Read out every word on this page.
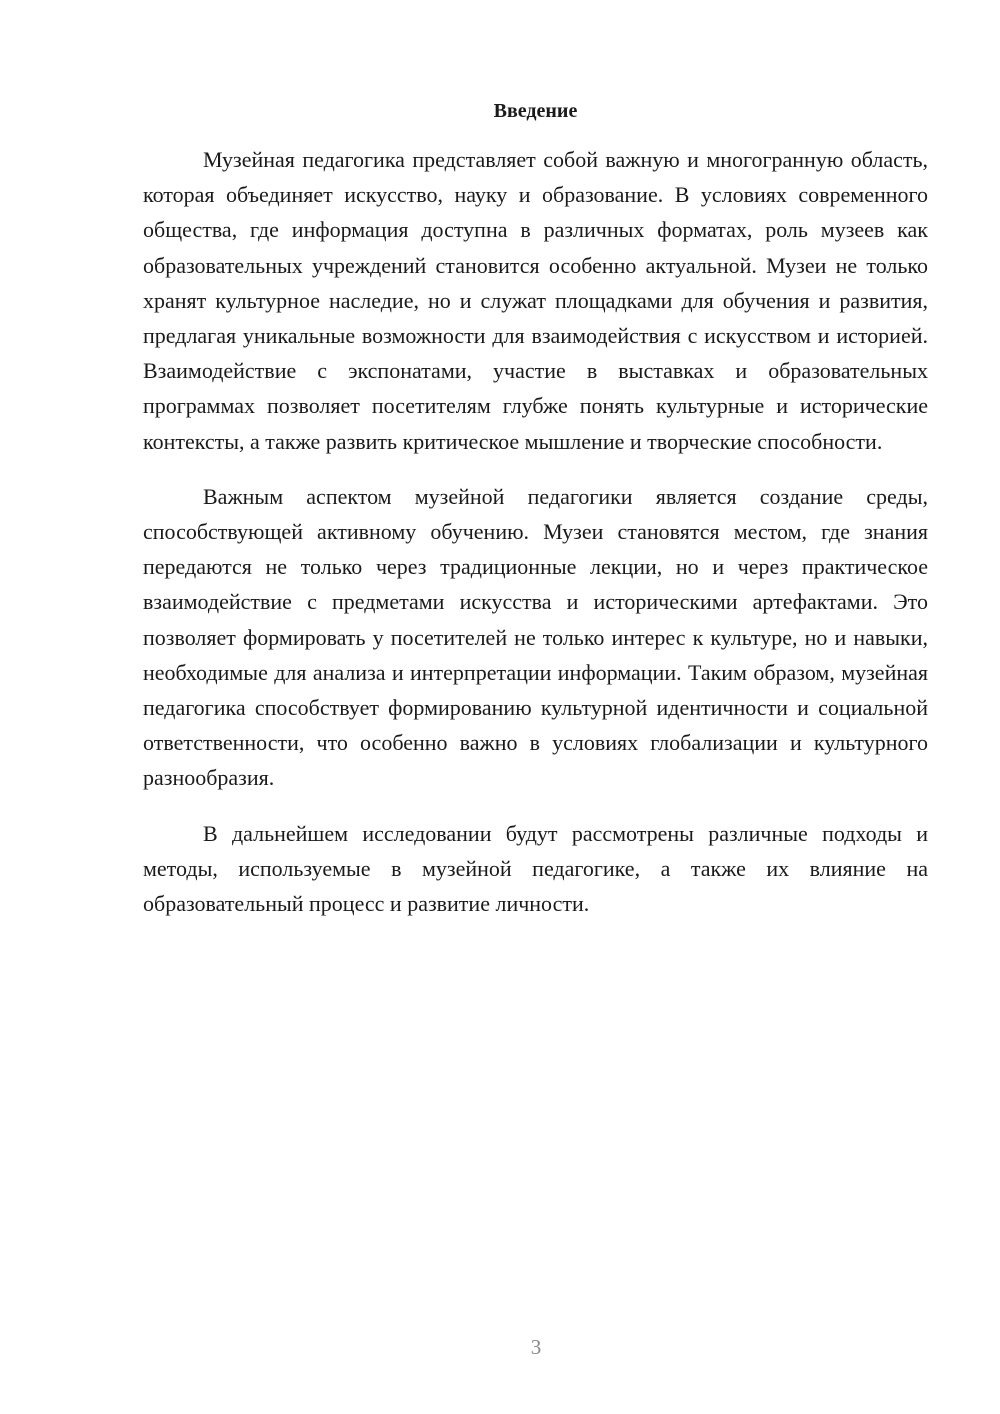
Введение

Музейная педагогика представляет собой важную и многогранную область, которая объединяет искусство, науку и образование. В условиях современного общества, где информация доступна в различных форматах, роль музеев как образовательных учреждений становится особенно актуальной. Музеи не только хранят культурное наследие, но и служат площадками для обучения и развития, предлагая уникальные возможности для взаимодействия с искусством и историей. Взаимодействие с экспонатами, участие в выставках и образовательных программах позволяет посетителям глубже понять культурные и исторические контексты, а также развить критическое мышление и творческие способности.

Важным аспектом музейной педагогики является создание среды, способствующей активному обучению. Музеи становятся местом, где знания передаются не только через традиционные лекции, но и через практическое взаимодействие с предметами искусства и историческими артефактами. Это позволяет формировать у посетителей не только интерес к культуре, но и навыки, необходимые для анализа и интерпретации информации. Таким образом, музейная педагогика способствует формированию культурной идентичности и социальной ответственности, что особенно важно в условиях глобализации и культурного разнообразия.

В дальнейшем исследовании будут рассмотрены различные подходы и методы, используемые в музейной педагогике, а также их влияние на образовательный процесс и развитие личности.

3
